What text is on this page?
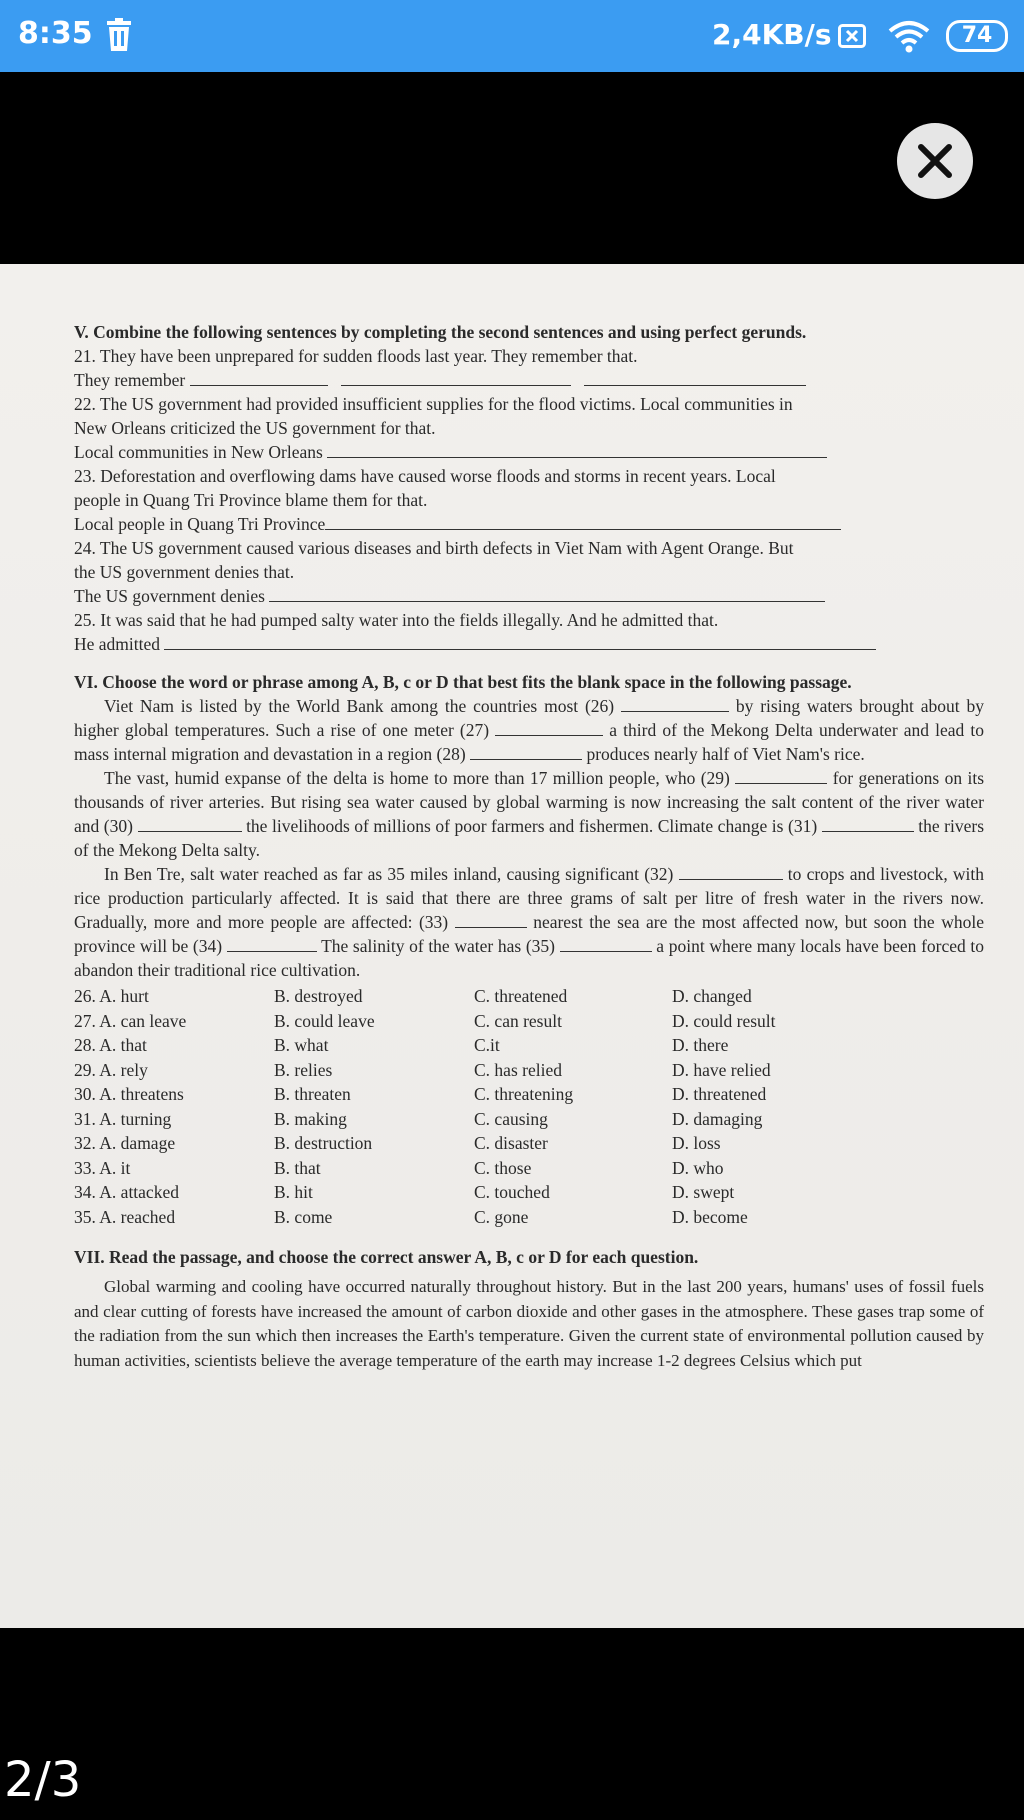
8:35	2,4KB/s	74

V. Combine the following sentences by completing the second sentences and using perfect gerunds.

21. They have been unprepared for sudden floods last year. They remember that.

They remember

22. The US government had provided insufficient supplies for the flood victims. Local communities in

New Orleans criticized the US government for that.

Local communities in New Orleans

23. Deforestation and overflowing dams have caused worse floods and storms in recent years. Local

people in Quang Tri Province blame them for that.

Local people in Quang Tri Province

24. The US government caused various diseases and birth defects in Viet Nam with Agent Orange. But

the US government denies that.

The US government denies

25. It was said that he had pumped salty water into the fields illegally. And he admitted that.

He admitted

VI. Choose the word or phrase among A, B, c or D that best fits the blank space in the following passage.

Viet Nam is listed by the World Bank among the countries most (26)	by rising waters brought about by higher global temperatures. Such a rise of one meter (27)	a third of the Mekong Delta underwater and lead to mass internal migration and devastation in a region (28)	produces nearly half of Viet Nam's rice.

The vast, humid expanse of the delta is home to more than 17 million people, who (29)	for generations on its thousands of river arteries. But rising sea water caused by global warming is now increasing the salt content of the river water and (30)	the livelihoods of millions of poor farmers and fishermen. Climate change is (31)	the rivers of the Mekong Delta salty.

In Ben Tre, salt water reached as far as 35 miles inland, causing significant (32)	to crops and livestock, with rice production particularly affected. It is said that there are three grams of salt per litre of fresh water in the rivers now. Gradually, more and more people are affected: (33)	nearest the sea are the most affected now, but soon the whole province will be (34)	The salinity of the water has (35)	a point where many locals have been forced to abandon their traditional rice cultivation.

26. A. hurt	B. destroyed	C. threatened	D. changed
27. A. can leave	B. could leave	C. can result	D. could result
28. A. that	B. what	C.it	D. there
29. A. rely	B. relies	C. has relied	D. have relied
30. A. threatens	B. threaten	C. threatening	D. threatened
31. A. turning	B. making	C. causing	D. damaging
32. A. damage	B. destruction	C. disaster	D. loss
33. A. it	B. that	C. those	D. who
34. A. attacked	B. hit	C. touched	D. swept
35. A. reached	B. come	C. gone	D. become

VII. Read the passage, and choose the correct answer A, B, c or D for each question.

Global warming and cooling have occurred naturally throughout history. But in the last 200 years, humans' uses of fossil fuels and clear cutting of forests have increased the amount of carbon dioxide and other gases in the atmosphere. These gases trap some of the radiation from the sun which then increases the Earth's temperature. Given the current state of environmental pollution caused by human activities, scientists believe the average temperature of the earth may increase 1-2 degrees Celsius which put

2/3
